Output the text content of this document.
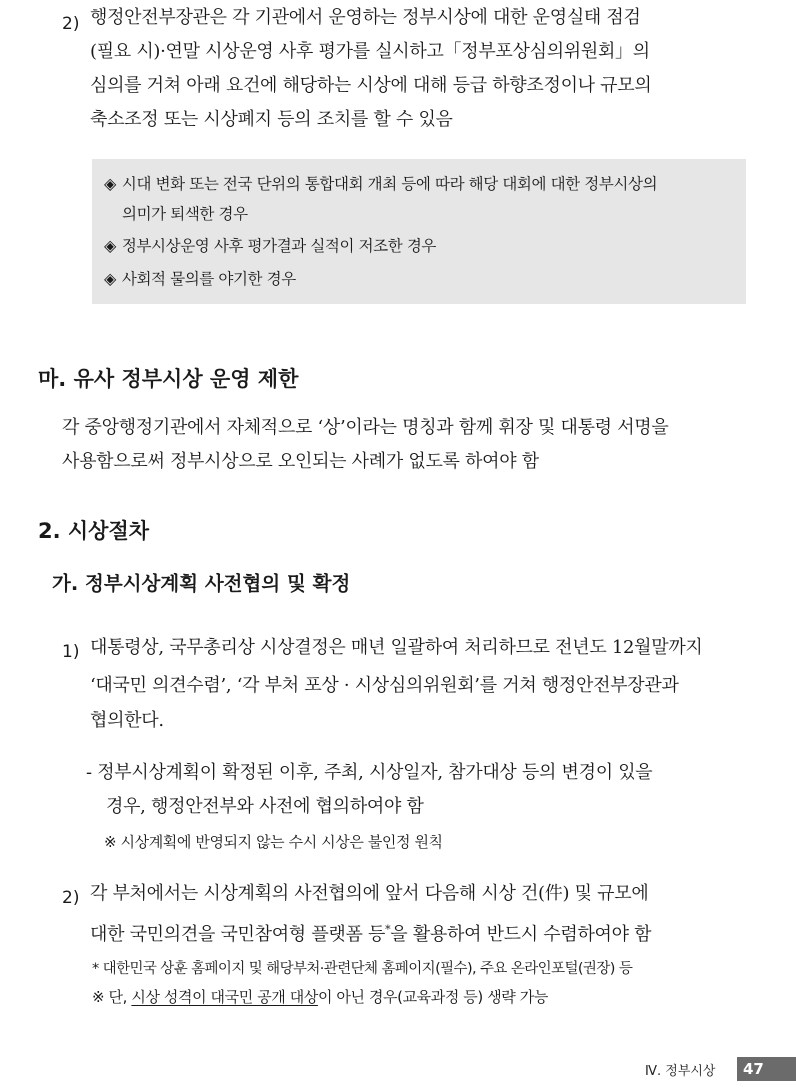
2) 행정안전부장관은 각 기관에서 운영하는 정부시상에 대한 운영실태 점검
(필요 시)·연말 시상운영 사후 평가를 실시하고「정부포상심의위원회」의
심의를 거쳐 아래 요건에 해당하는 시상에 대해 등급 하향조정이나 규모의
축소조정 또는 시상폐지 등의 조치를 할 수 있음
◈ 시대 변화 또는 전국 단위의 통합대회 개최 등에 따라 해당 대회에 대한 정부시상의
의미가 퇴색한 경우
◈ 정부시상운영 사후 평가결과 실적이 저조한 경우
◈ 사회적 물의를 야기한 경우
마. 유사 정부시상 운영 제한
각 중앙행정기관에서 자체적으로 ‘상’이라는 명칭과 함께 휘장 및 대통령 서명을
사용함으로써 정부시상으로 오인되는 사례가 없도록 하여야 함
2. 시상절차
가. 정부시상계획 사전협의 및 확정
1) 대통령상, 국무총리상 시상결정은 매년 일괄하여 처리하므로 전년도 12월말까지
‘대국민 의견수렴’, ‘각 부처 포상 · 시상심의위원회’를 거쳐 행정안전부장관과
협의한다.
- 정부시상계획이 확정된 이후, 주최, 시상일자, 참가대상 등의 변경이 있을
경우, 행정안전부와 사전에 협의하여야 함
※ 시상계획에 반영되지 않는 수시 시상은 불인정 원칙
2) 각 부처에서는 시상계획의 사전협의에 앞서 다음해 시상 건(件) 및 규모에
대한 국민의견을 국민참여형 플랫폼 등*을 활용하여 반드시 수렴하여야 함
* 대한민국 상훈 홈페이지 및 해당부처·관련단체 홈페이지(필수), 주요 온라인포털(권장) 등
※ 단, 시상 성격이 대국민 공개 대상이 아닌 경우(교육과정 등) 생략 가능
Ⅳ. 정부시상	47
